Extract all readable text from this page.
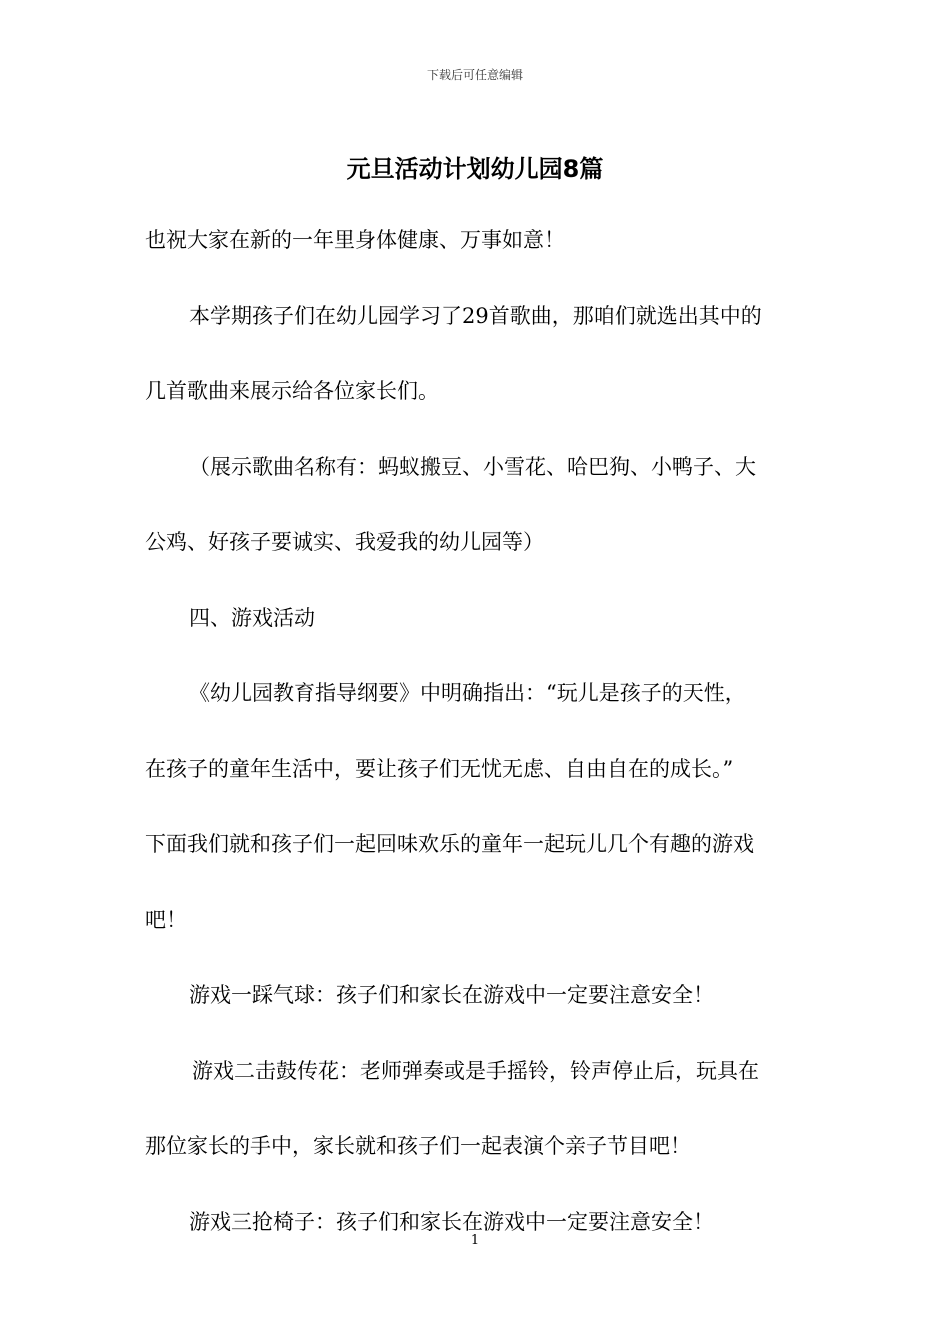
下载后可任意编辑
元旦活动计划幼儿园8篇

也祝大家在新的一年里身体健康、万事如意！

本学期孩子们在幼儿园学习了29首歌曲，那咱们就选出其中的

几首歌曲来展示给各位家长们。

（展示歌曲名称有：蚂蚁搬豆、小雪花、哈巴狗、小鸭子、大

公鸡、好孩子要诚实、我爱我的幼儿园等）

四、游戏活动

《幼儿园教育指导纲要》中明确指出：“玩儿是孩子的天性，

在孩子的童年生活中，要让孩子们无忧无虑、自由自在的成长。”

下面我们就和孩子们一起回味欢乐的童年一起玩儿几个有趣的游戏

吧！

游戏一踩气球：孩子们和家长在游戏中一定要注意安全！

游戏二击鼓传花：老师弹奏或是手摇铃，铃声停止后，玩具在

那位家长的手中，家长就和孩子们一起表演个亲子节目吧！

游戏三抢椅子：孩子们和家长在游戏中一定要注意安全！

1
